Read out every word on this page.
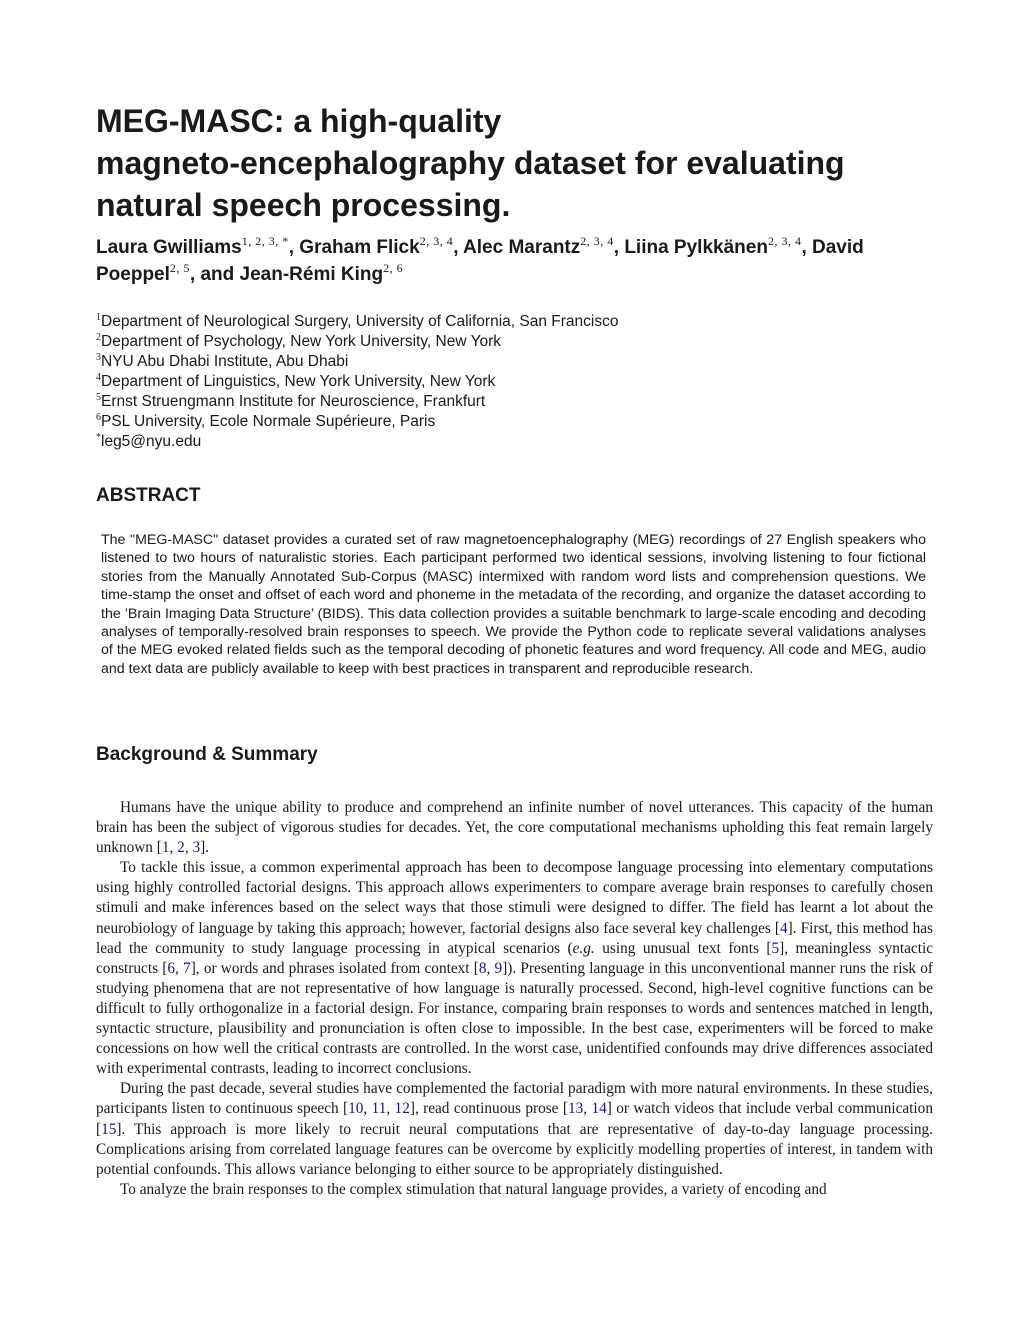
MEG-MASC: a high-quality
magneto-encephalography dataset for evaluating
natural speech processing.
Laura Gwilliams$^{1, 2, 3, *}$, Graham Flick$^{2, 3, 4}$, Alec Marantz$^{2, 3, 4}$, Liina Pylkkänen$^{2, 3, 4}$, David Poeppel$^{2, 5}$, and Jean-Rémi King$^{2, 6}$
$^1$Department of Neurological Surgery, University of California, San Francisco
$^2$Department of Psychology, New York University, New York
$^3$NYU Abu Dhabi Institute, Abu Dhabi
$^4$Department of Linguistics, New York University, New York
$^5$Ernst Struengmann Institute for Neuroscience, Frankfurt
$^6$PSL University, Ecole Normale Supérieure, Paris
*leg5@nyu.edu
ABSTRACT

The "MEG-MASC" dataset provides a curated set of raw magnetoencephalography (MEG) recordings of 27 English speakers who listened to two hours of naturalistic stories. Each participant performed two identical sessions, involving listening to four fictional stories from the Manually Annotated Sub-Corpus (MASC) intermixed with random word lists and comprehension questions. We time-stamp the onset and offset of each word and phoneme in the metadata of the recording, and organize the dataset according to the ’Brain Imaging Data Structure’ (BIDS). This data collection provides a suitable benchmark to large-scale encoding and decoding analyses of temporally-resolved brain responses to speech. We provide the Python code to replicate several validations analyses of the MEG evoked related fields such as the temporal decoding of phonetic features and word frequency. All code and MEG, audio and text data are publicly available to keep with best practices in transparent and reproducible research.

Background & Summary

Humans have the unique ability to produce and comprehend an infinite number of novel utterances. This capacity of the human brain has been the subject of vigorous studies for decades. Yet, the core computational mechanisms upholding this feat remain largely unknown [1, 2, 3].

To tackle this issue, a common experimental approach has been to decompose language processing into elementary computations using highly controlled factorial designs. This approach allows experimenters to compare average brain responses to carefully chosen stimuli and make inferences based on the select ways that those stimuli were designed to differ. The field has learnt a lot about the neurobiology of language by taking this approach; however, factorial designs also face several key challenges [4]. First, this method has lead the community to study language processing in atypical scenarios (e.g. using unusual text fonts [5], meaningless syntactic constructs [6, 7], or words and phrases isolated from context [8, 9]). Presenting language in this unconventional manner runs the risk of studying phenomena that are not representative of how language is naturally processed. Second, high-level cognitive functions can be difficult to fully orthogonalize in a factorial design. For instance, comparing brain responses to words and sentences matched in length, syntactic structure, plausibility and pronunciation is often close to impossible. In the best case, experimenters will be forced to make concessions on how well the critical contrasts are controlled. In the worst case, unidentified confounds may drive differences associated with experimental contrasts, leading to incorrect conclusions.

During the past decade, several studies have complemented the factorial paradigm with more natural environments. In these studies, participants listen to continuous speech [10, 11, 12], read continuous prose [13, 14] or watch videos that include verbal communication [15]. This approach is more likely to recruit neural computations that are representative of day-to-day language processing. Complications arising from correlated language features can be overcome by explicitly modelling properties of interest, in tandem with potential confounds. This allows variance belonging to either source to be appropriately distinguished.

To analyze the brain responses to the complex stimulation that natural language provides, a variety of encoding and
